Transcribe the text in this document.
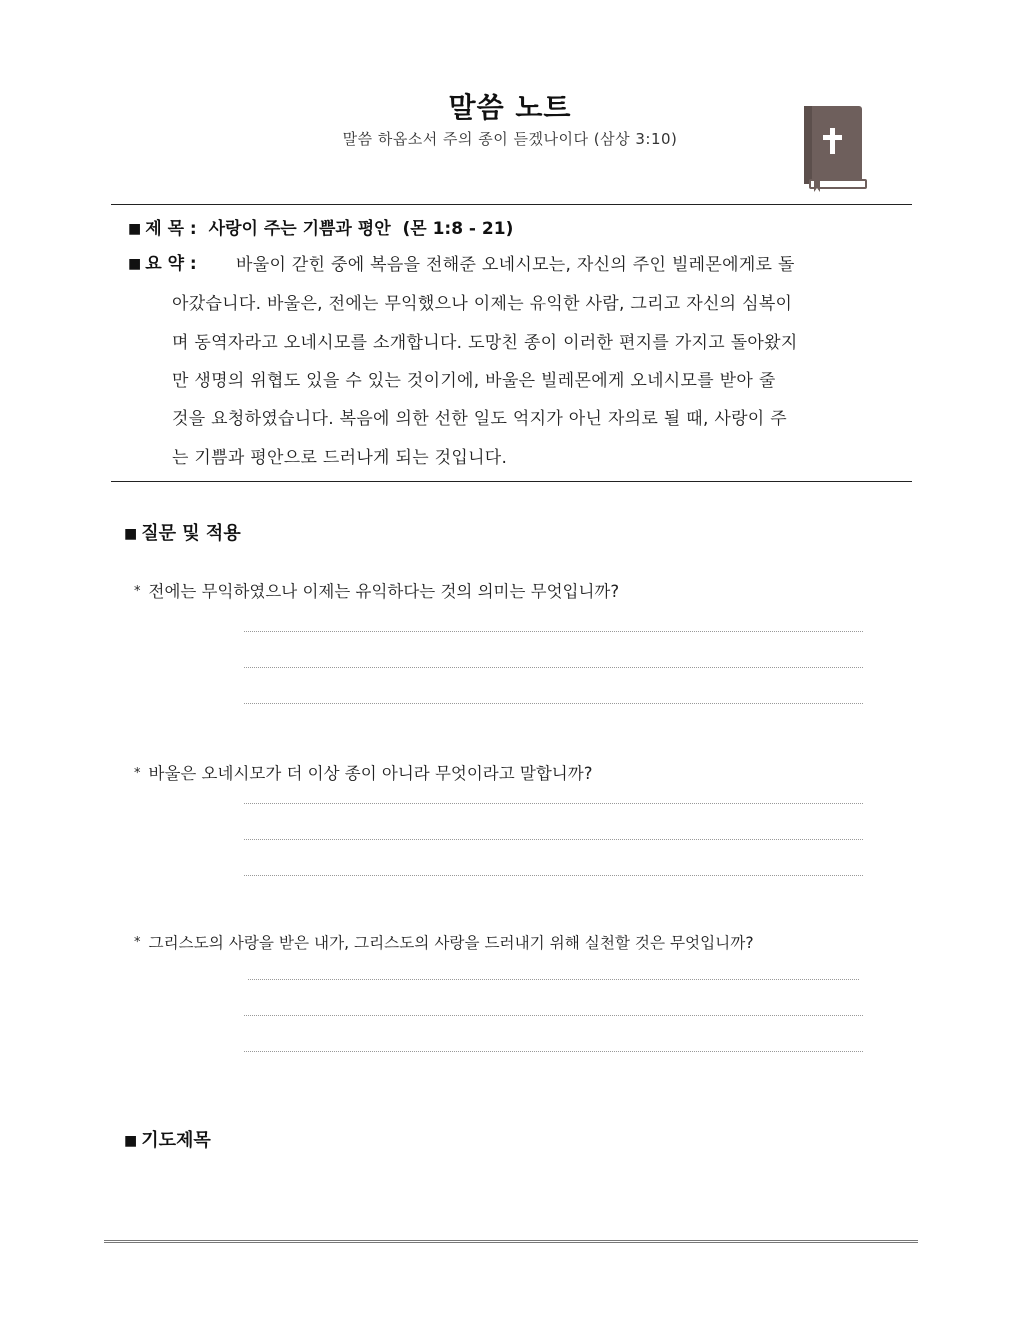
말씀 노트
말씀 하옵소서 주의 종이 듣겠나이다 (삼상 3:10)
■ 제 목 : 사랑이 주는 기쁨과 평안  (몬 1:8 - 21)
■ 요 약 : 바울이 갇힌 중에 복음을 전해준 오네시모는, 자신의 주인 빌레몬에게로 돌
아갔습니다. 바울은, 전에는 무익했으나 이제는 유익한 사람, 그리고 자신의 심복이
며 동역자라고 오네시모를 소개합니다. 도망친 종이 이러한 편지를 가지고 돌아왔지
만 생명의 위협도 있을 수 있는 것이기에, 바울은 빌레몬에게 오네시모를 받아 줄
것을 요청하였습니다. 복음에 의한 선한 일도 억지가 아닌 자의로 될 때, 사랑이 주
는 기쁨과 평안으로 드러나게 되는 것입니다.
■ 질문 및 적용
* 전에는 무익하였으나 이제는 유익하다는 것의 의미는 무엇입니까?
* 바울은 오네시모가 더 이상 종이 아니라 무엇이라고 말합니까?
* 그리스도의 사랑을 받은 내가, 그리스도의 사랑을 드러내기 위해 실천할 것은 무엇입니까?
■ 기도제목
